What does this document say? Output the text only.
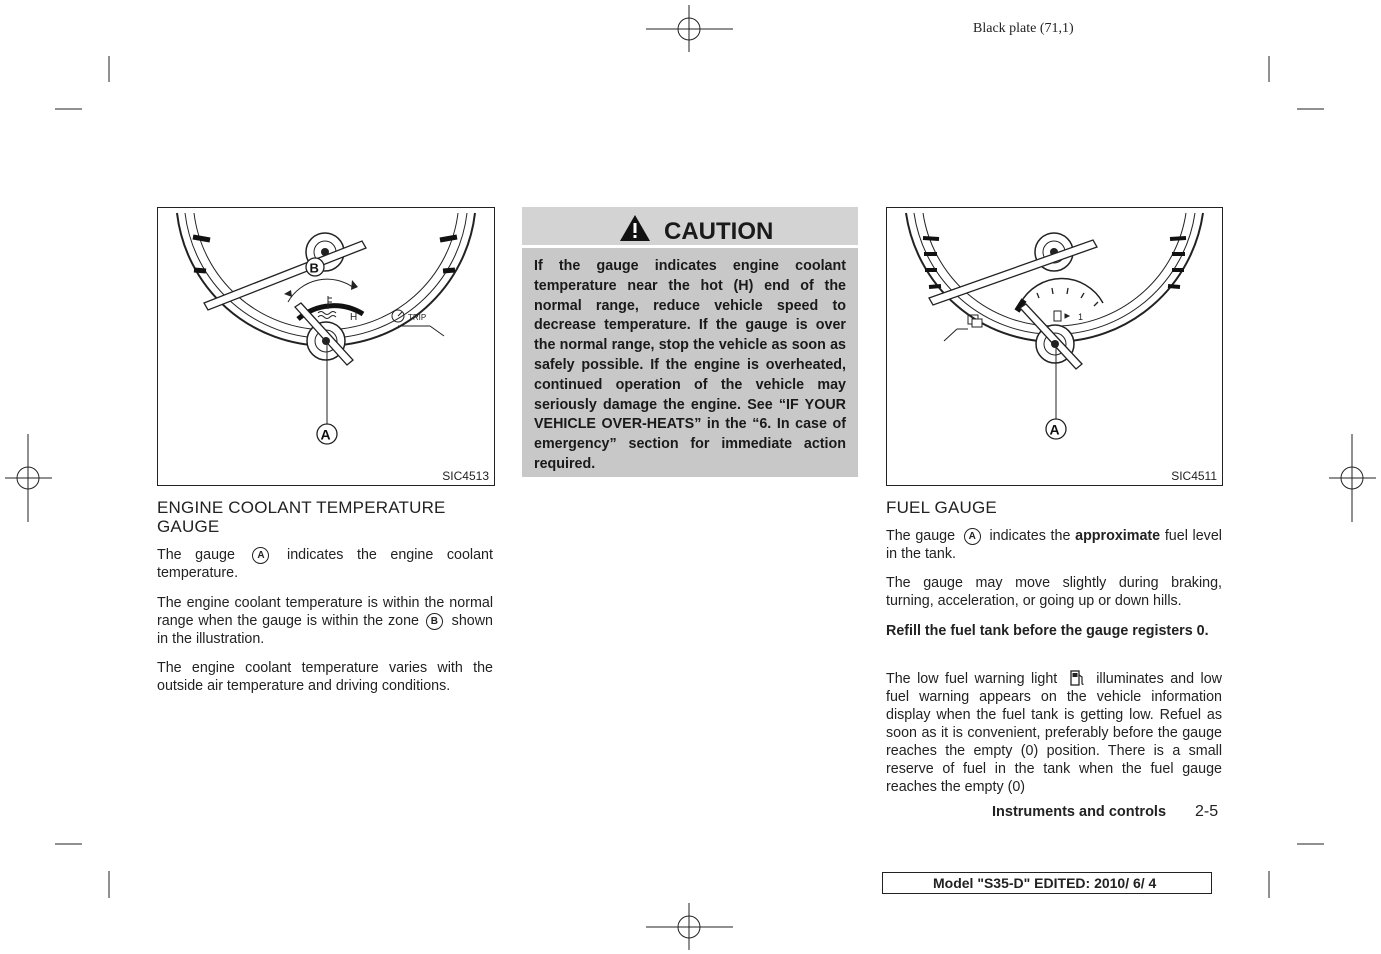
Black plate (71,1)
B
H	TRIP
A
SIC4513
ENGINE COOLANT TEMPERATURE
GAUGE

The gauge A indicates the engine coolant temperature.

The engine coolant temperature is within the normal range when the gauge is within the zone B shown in the illustration.

The engine coolant temperature varies with the outside air temperature and driving conditions.

CAUTION
If the gauge indicates engine coolant temperature near the hot (H) end of the normal range, reduce vehicle speed to decrease temperature. If the gauge is over the normal range, stop the vehicle as soon as safely possible. If the engine is overheated, continued operation of the vehicle may seriously damage the engine. See “IF YOUR VEHICLE OVER-HEATS” in the “6. In case of emergency” section for immediate action required.
1
A
SIC4511
FUEL GAUGE

The gauge A indicates the approximate fuel level in the tank.

The gauge may move slightly during braking, turning, acceleration, or going up or down hills.

Refill the fuel tank before the gauge registers 0.

The low fuel warning light	illuminates and low fuel warning appears on the vehicle information display when the fuel tank is getting low. Refuel as soon as it is convenient, preferably before the gauge reaches the empty (0) position. There is a small reserve of fuel in the tank when the fuel gauge reaches the empty (0)

Instruments and controls 2-5
Model "S35-D" EDITED: 2010/ 6/ 4
